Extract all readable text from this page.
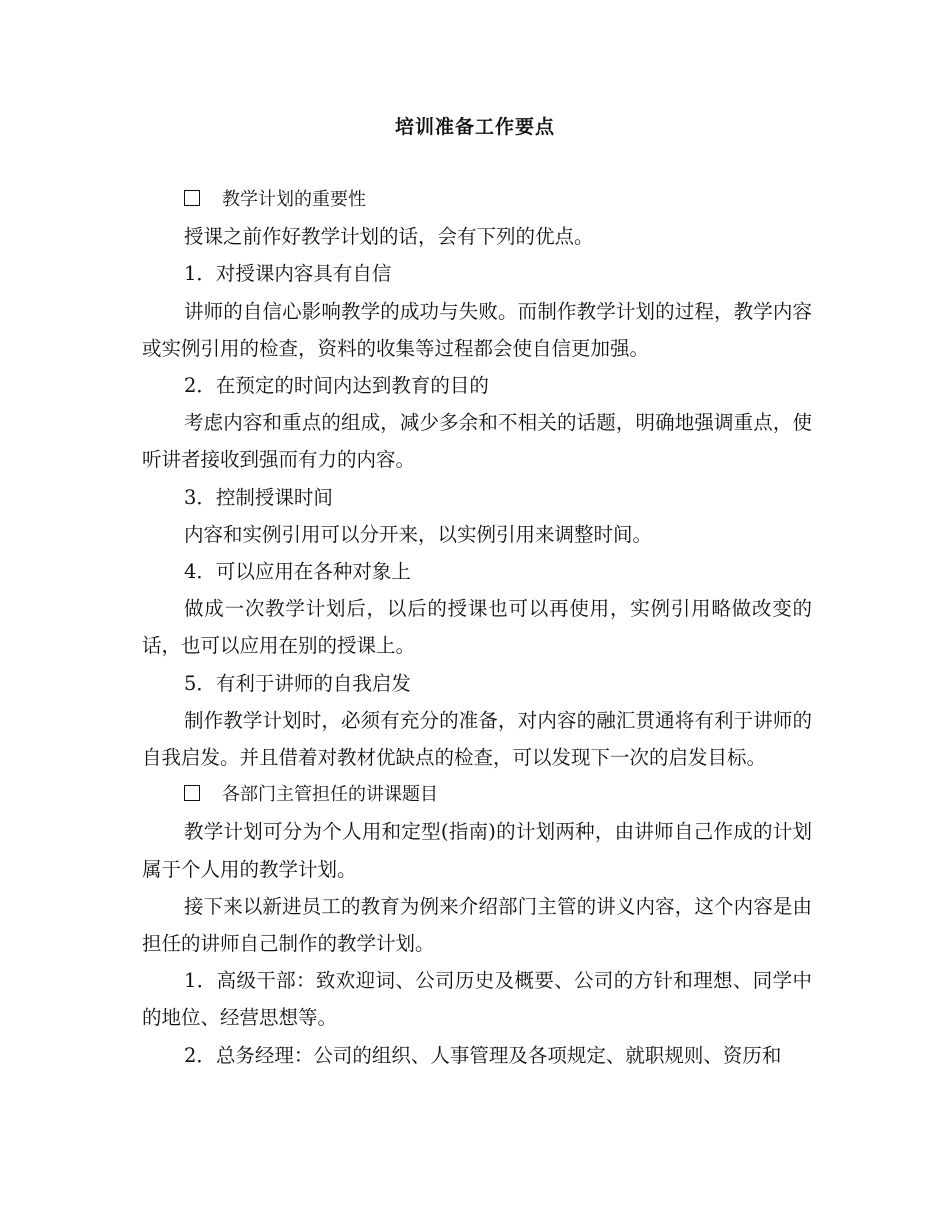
培训准备工作要点

教学计划的重要性

授课之前作好教学计划的话，会有下列的优点。

1．对授课内容具有自信

讲师的自信心影响教学的成功与失败。而制作教学计划的过程，教学内容或实例引用的检查，资料的收集等过程都会使自信更加强。

2．在预定的时间内达到教育的目的

考虑内容和重点的组成，减少多余和不相关的话题，明确地强调重点，使听讲者接收到强而有力的内容。

3．控制授课时间

内容和实例引用可以分开来，以实例引用来调整时间。

4．可以应用在各种对象上

做成一次教学计划后，以后的授课也可以再使用，实例引用略做改变的话，也可以应用在别的授课上。

5．有利于讲师的自我启发

制作教学计划时，必须有充分的准备，对内容的融汇贯通将有利于讲师的自我启发。并且借着对教材优缺点的检查，可以发现下一次的启发目标。

各部门主管担任的讲课题目

教学计划可分为个人用和定型(指南)的计划两种，由讲师自己作成的计划属于个人用的教学计划。

接下来以新进员工的教育为例来介绍部门主管的讲义内容，这个内容是由担任的讲师自己制作的教学计划。

1．高级干部：致欢迎词、公司历史及概要、公司的方针和理想、同学中的地位、经营思想等。

2．总务经理：公司的组织、人事管理及各项规定、就职规则、资历和
